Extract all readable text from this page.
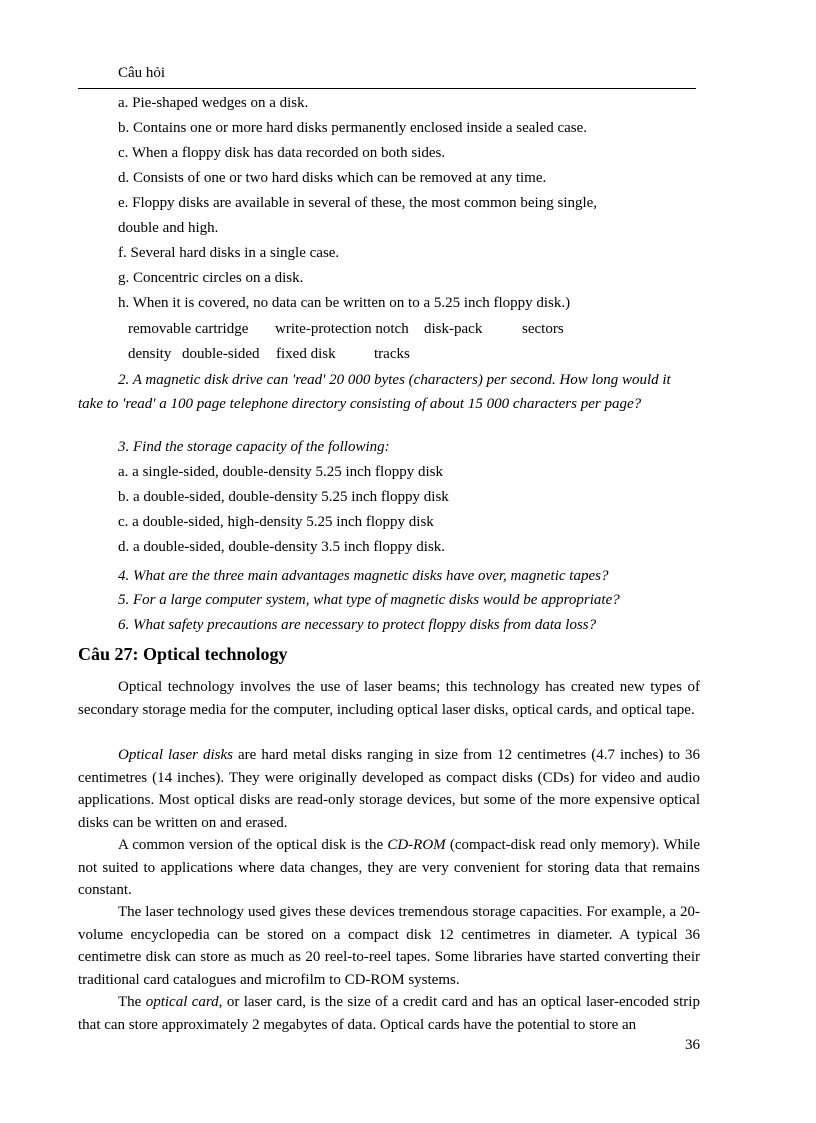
Câu hỏi
a. Pie-shaped wedges on a disk.
b. Contains one or more hard disks permanently enclosed inside a sealed case.
c. When a floppy disk has data recorded on both sides.
d. Consists of one or two hard disks which can be removed at any time.
e. Floppy disks are available in several of these, the most common being single,
double and high.
f. Several hard disks in a single case.
g. Concentric circles on a disk.
h. When it is covered, no data can be written on to a 5.25 inch floppy disk.)
removable cartridge write-protection notch disk-pack	sectors
density double-sided fixed disk	tracks
2. A magnetic disk drive can 'read' 20 000 bytes (characters) per second. How long would it
take to 'read' a 100 page telephone directory consisting of about 15 000 characters per page?
3. Find the storage capacity of the following:
a. a single-sided, double-density 5.25 inch floppy disk
b. a double-sided, double-density 5.25 inch floppy disk
c. a double-sided, high-density 5.25 inch floppy disk
d. a double-sided, double-density 3.5 inch floppy disk.
4. What are the three main advantages magnetic disks have over, magnetic tapes?
5. For a large computer system, what type of magnetic disks would be appropriate?
6. What safety precautions are necessary to protect floppy disks from data loss?
Câu 27: Optical technology

Optical technology involves the use of laser beams; this technology has created new types of secondary storage media for the computer, including optical laser disks, optical cards, and optical tape.

Optical laser disks are hard metal disks ranging in size from 12 centimetres (4.7 inches) to 36 centimetres (14 inches). They were originally developed as compact disks (CDs) for video and audio applications. Most optical disks are read-only storage devices, but some of the more expensive optical disks can be written on and erased.

A common version of the optical disk is the CD-ROM (compact-disk read only memory). While not suited to applications where data changes, they are very convenient for storing data that remains constant.

The laser technology used gives these devices tremendous storage capacities. For example, a 20-volume encyclopedia can be stored on a compact disk 12 centimetres in diameter. A typical 36 centimetre disk can store as much as 20 reel-to-reel tapes. Some libraries have started converting their traditional card catalogues and microfilm to CD-ROM systems.

The optical card, or laser card, is the size of a credit card and has an optical laser-encoded strip that can store approximately 2 megabytes of data. Optical cards have the potential to store an

36
